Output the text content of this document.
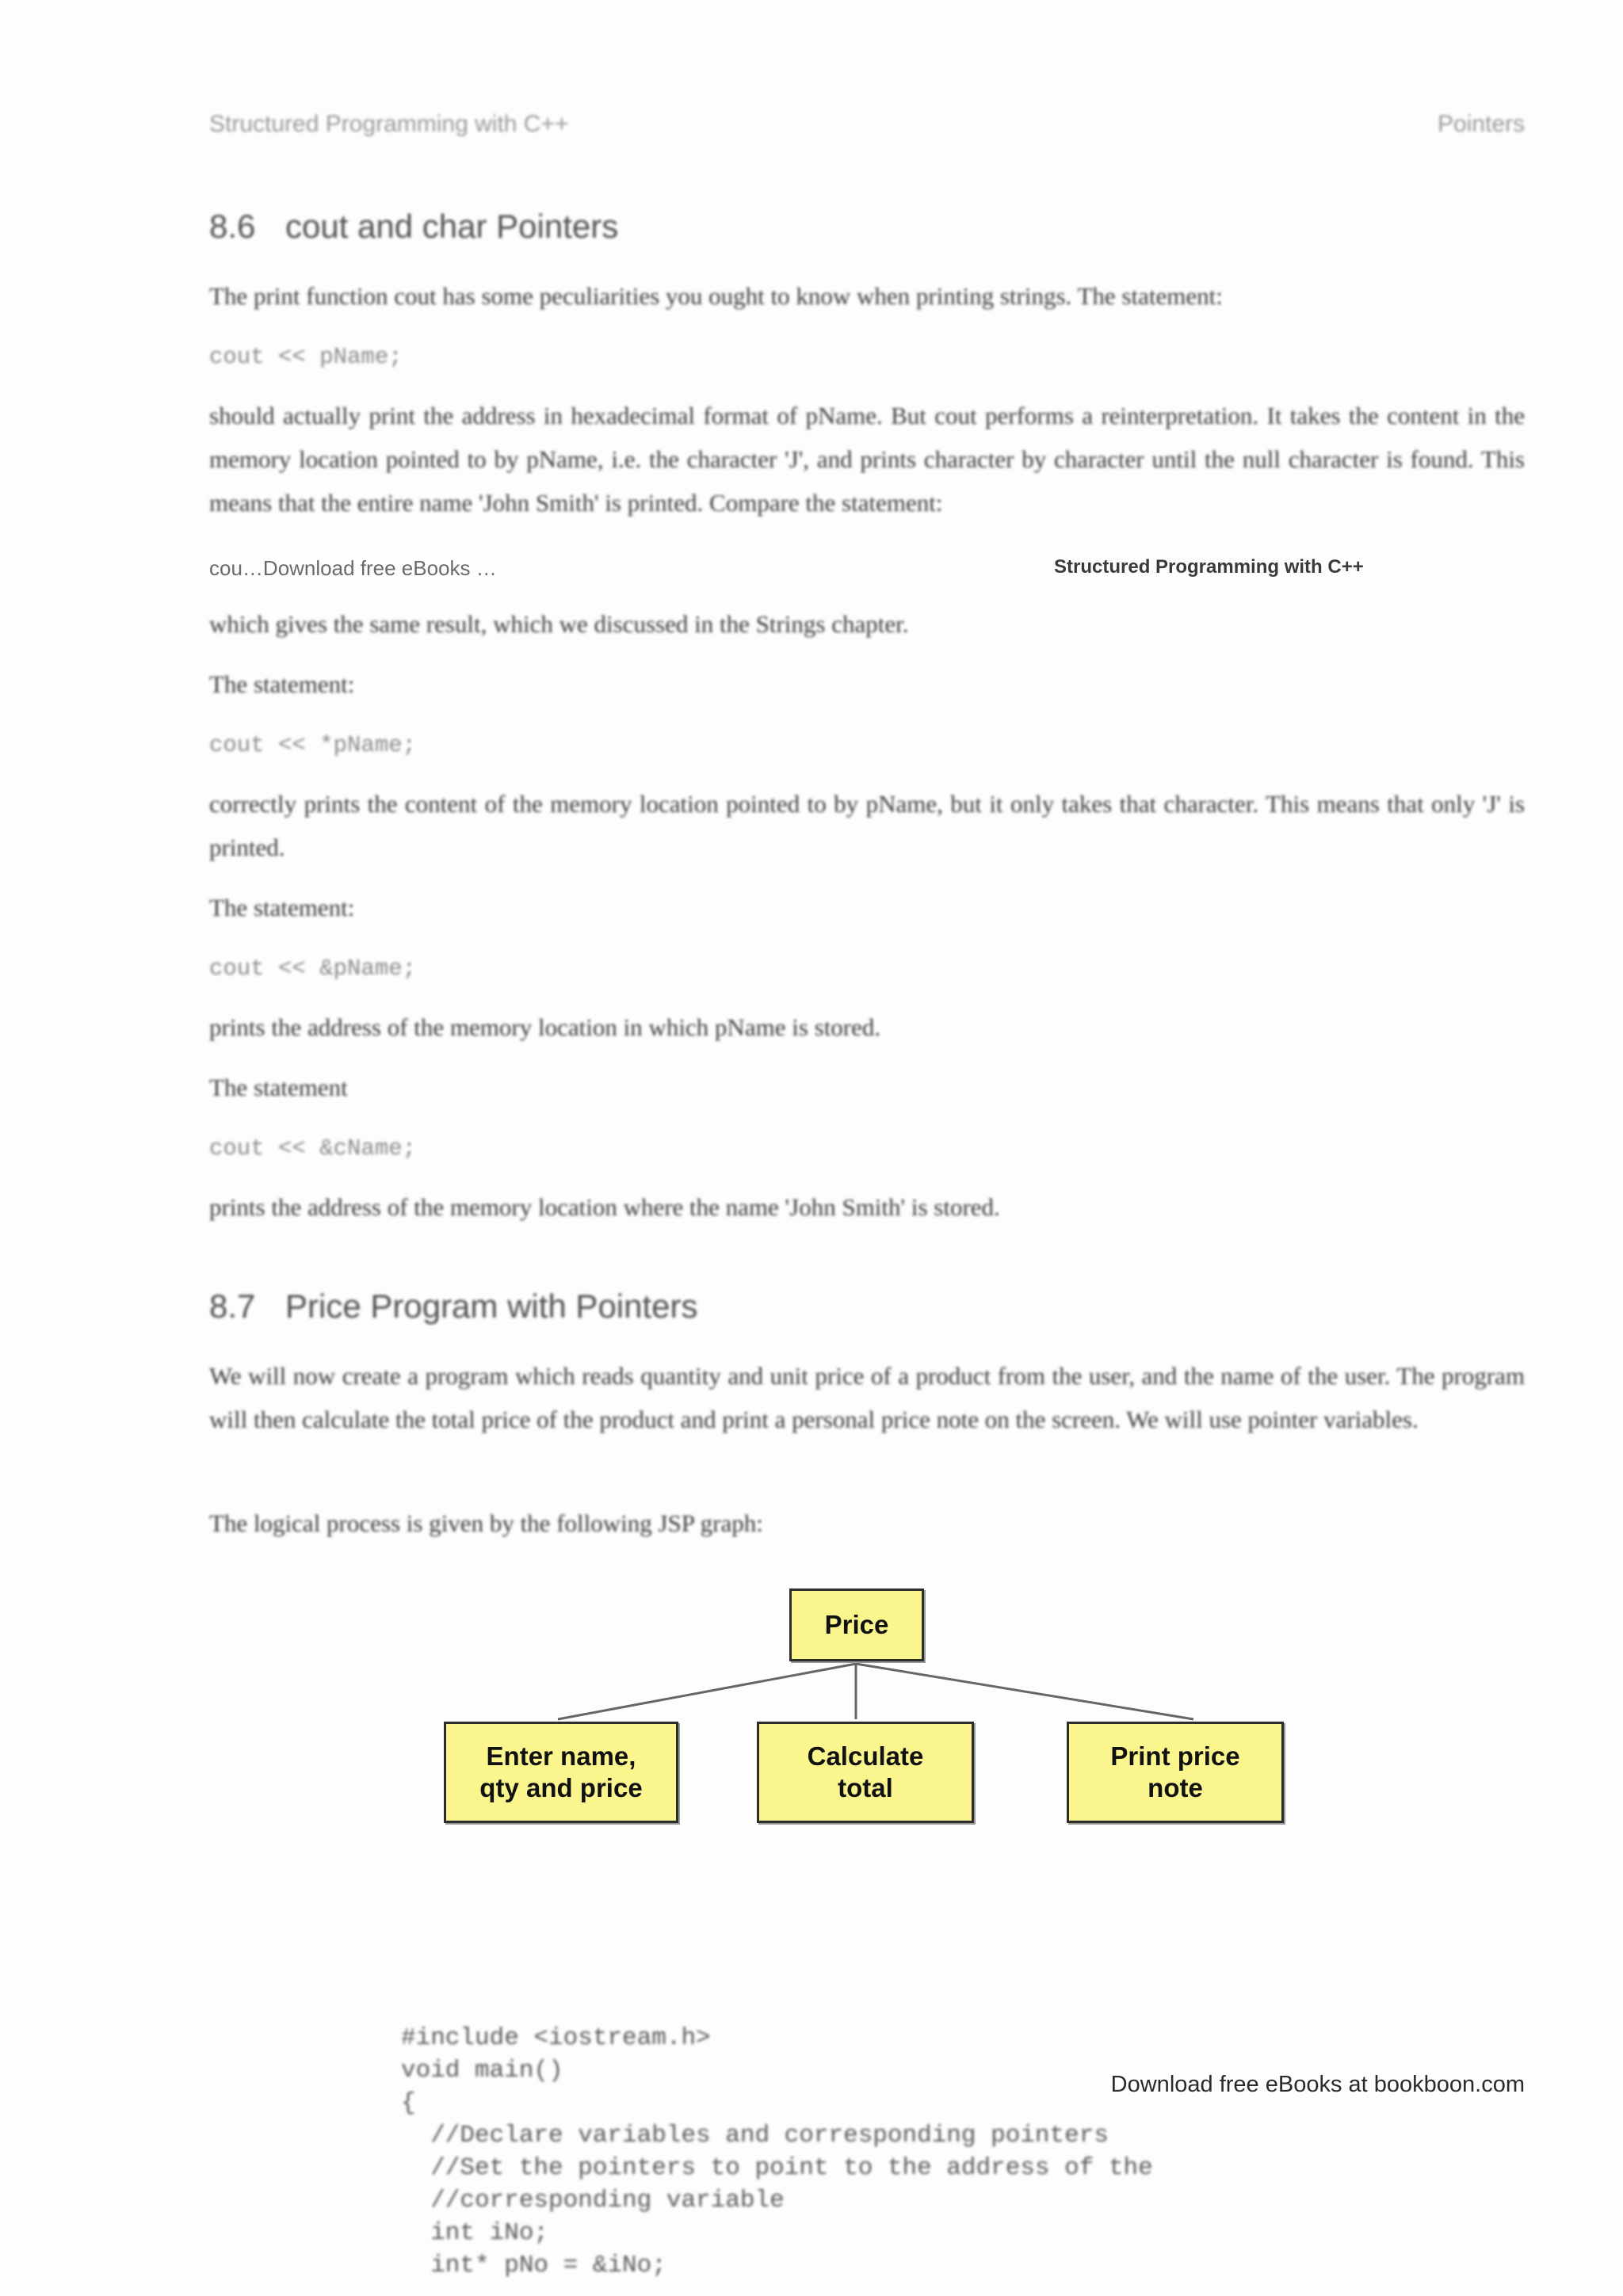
Structured Programming with C++	Pointers
8.6 cout and char Pointers
The print function cout has some peculiarities you ought to know when printing strings. The statement:
cout << pName;
should actually print the address in hexadecimal format of pName. But cout performs a reinterpretation. It takes the content in the memory location pointed to by pName, i.e. the character 'J', and prints character by character until the null character is found. This means that the entire name 'John Smith' is printed. Compare the statement:
which gives the same result, which we discussed in the Strings chapter.
The statement:
cout << *pName;
correctly prints the content of the memory location pointed to by pName, but it only takes that character. This means that only 'J' is printed.
The statement:
cout << &pName;
prints the address of the memory location in which pName is stored.
The statement
cout << &cName;
prints the address of the memory location where the name 'John Smith' is stored.
8.7 Price Program with Pointers
We will now create a program which reads quantity and unit price of a product from the user, and the name of the user. The program will then calculate the total price of the product and print a personal price note on the screen. We will use pointer variables.
The logical process is given by the following JSP graph:
#include <iostream.h>
void main()
{
//Declare variables and corresponding pointers
//Set the pointers to point to the address of the
//corresponding variable
int iNo;
int* pNo = &iNo;
cou…Download free eBooks …	Structured Programming with C++
Price
Enter name,
qty and price
Calculate
total
Print price
note
Download free eBooks at bookboon.com
